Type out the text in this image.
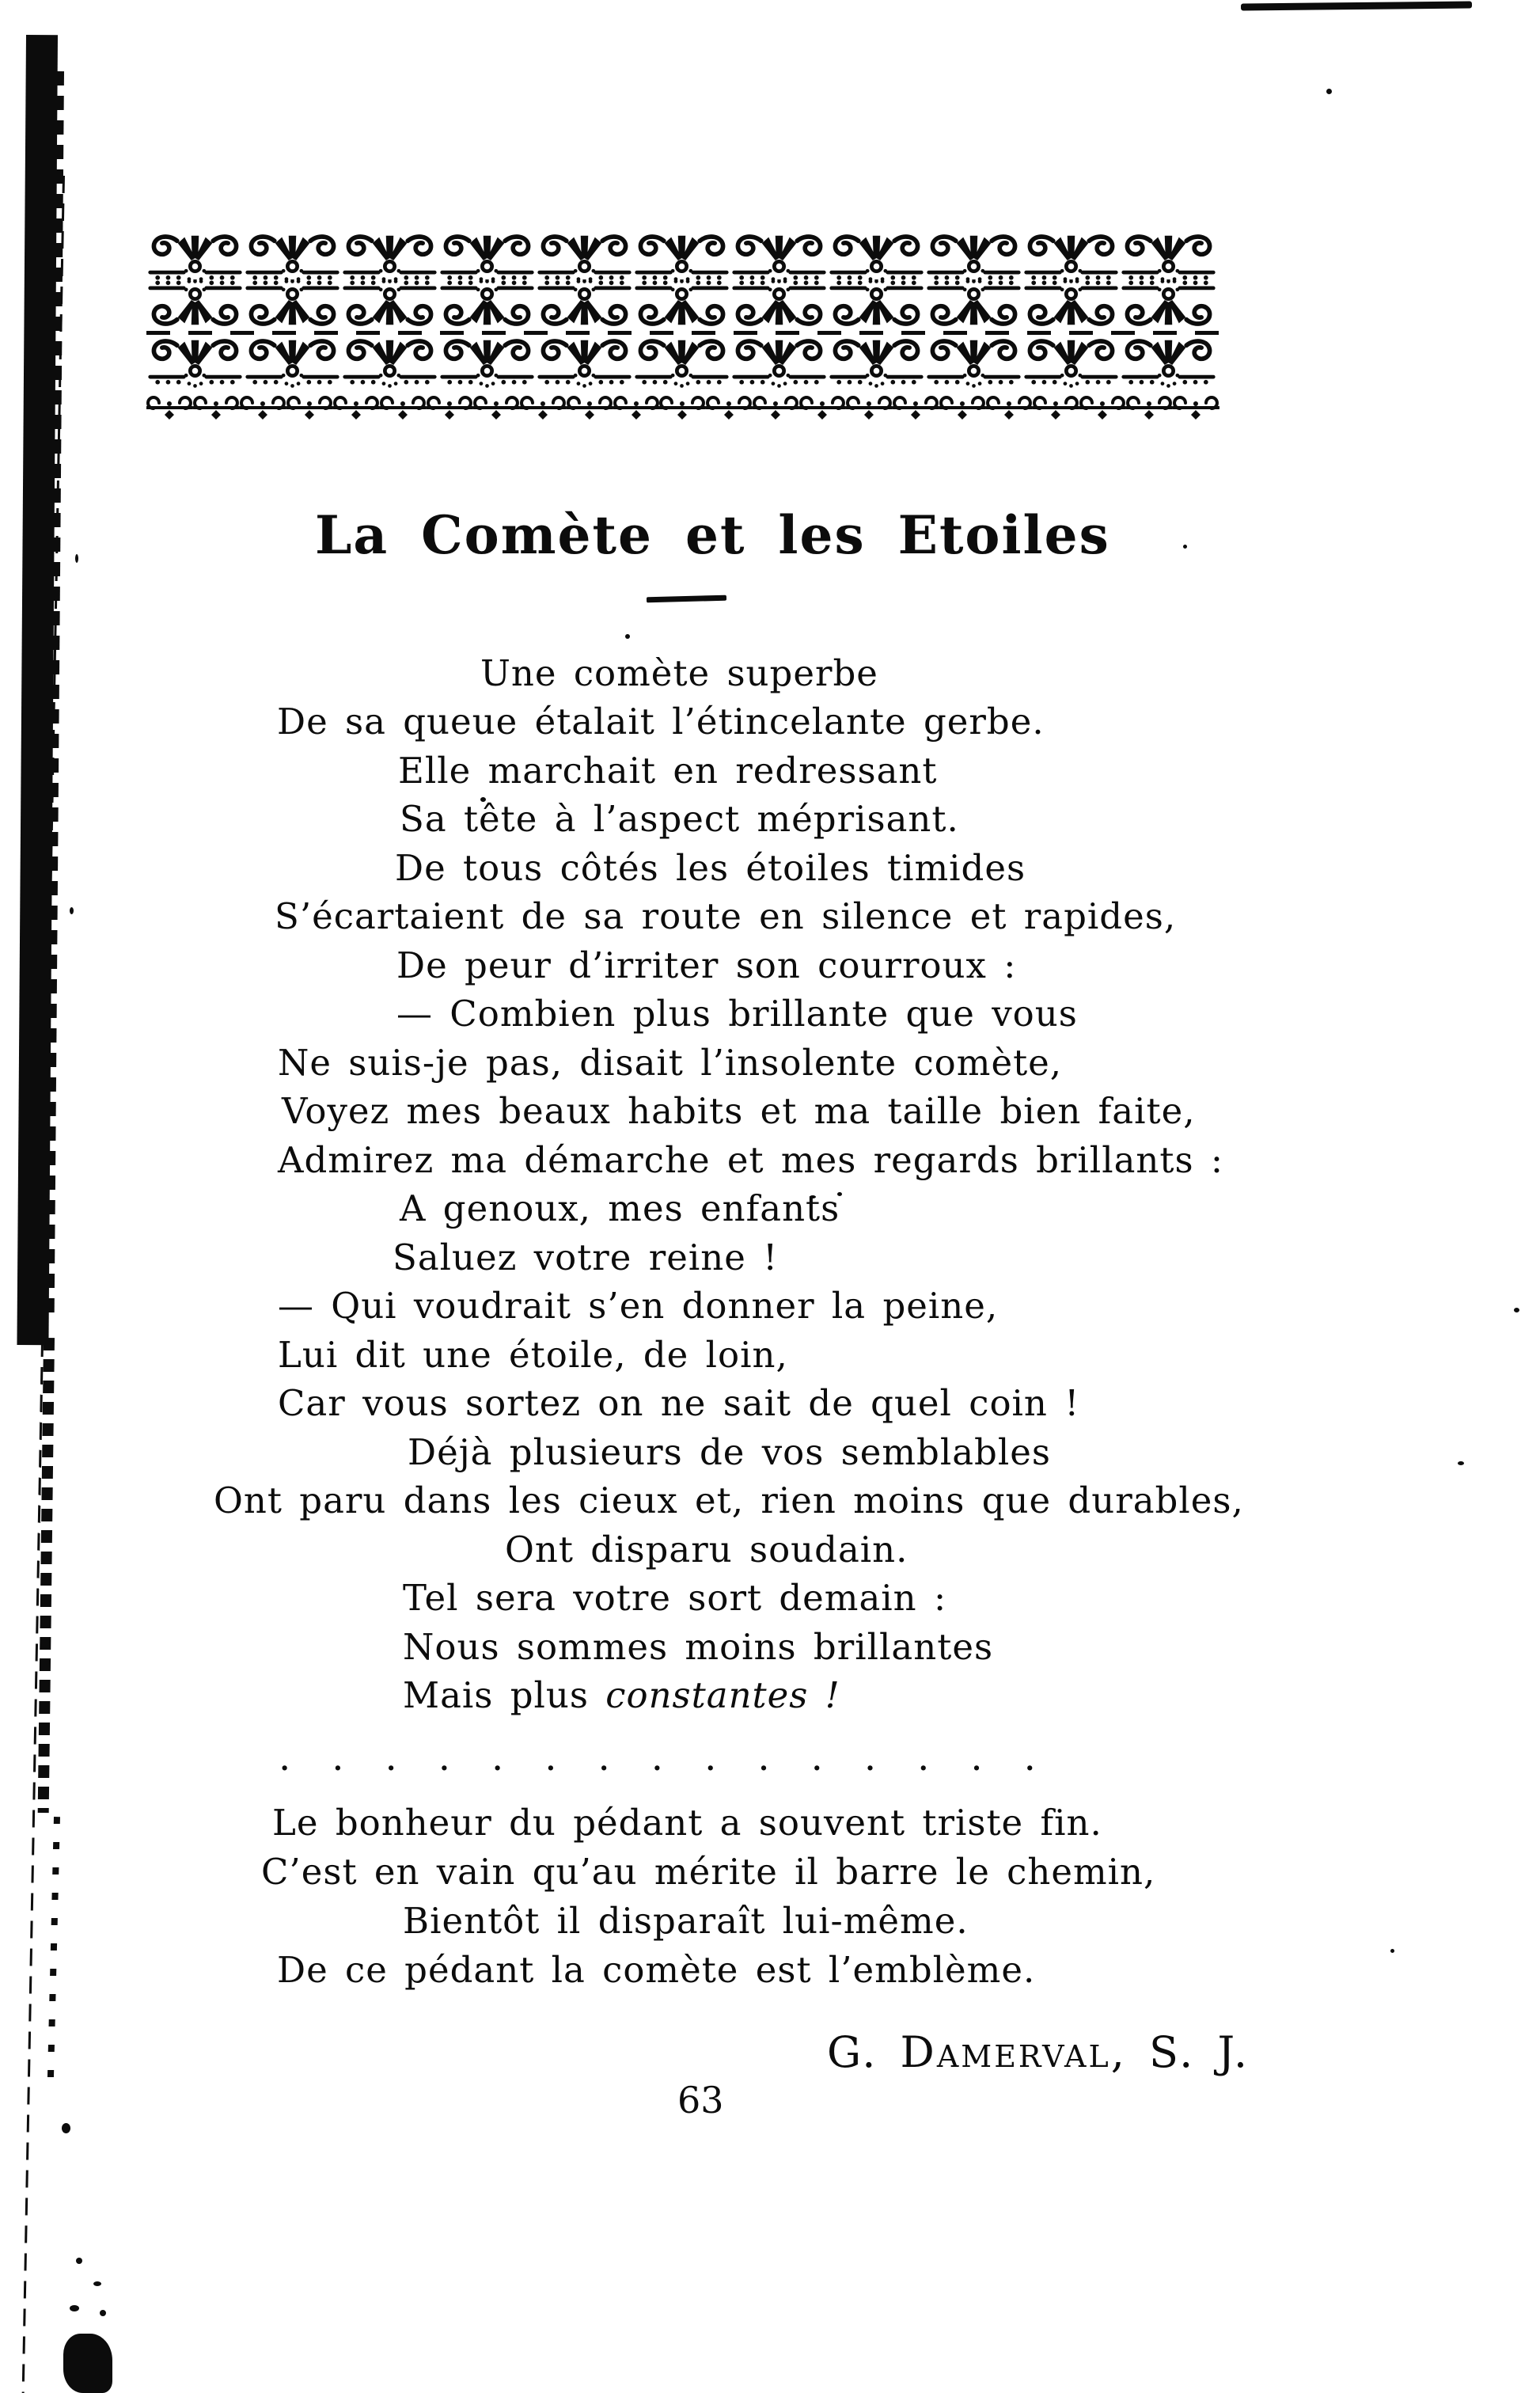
La Comète et les Etoiles
Une comète superbe
De sa queue étalait l’étincelante gerbe.
Elle marchait en redressant
Sa tête à l’aspect méprisant.
De tous côtés les étoiles timides
S’écartaient de sa route en silence et rapides,
De peur d’irriter son courroux :
— Combien plus brillante que vous
Ne suis-je pas, disait l’insolente comète,
Voyez mes beaux habits et ma taille bien faite,
Admirez ma démarche et mes regards brillants :
A genoux, mes enfants
Saluez votre reine !
— Qui voudrait s’en donner la peine,
Lui dit une étoile, de loin,
Car vous sortez on ne sait de quel coin !
Déjà plusieurs de vos semblables
Ont paru dans les cieux et, rien moins que durables,
Ont disparu soudain.
Tel sera votre sort demain :
Nous sommes moins brillantes
Mais plus constantes !
...............
Le bonheur du pédant a souvent triste fin.
C’est en vain qu’au mérite il barre le chemin,
Bientôt il disparaît lui-même.
De ce pédant la comète est l’emblème.
G. Damerval, S. J.
63
